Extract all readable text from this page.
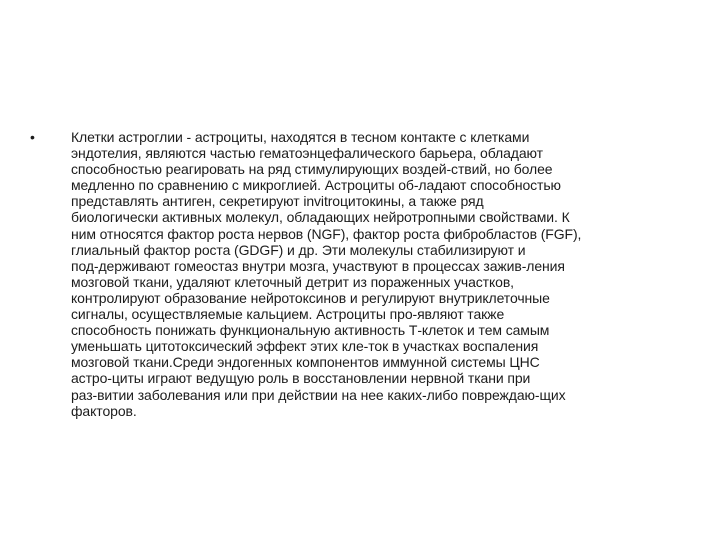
•	Клетки астроглии - астроциты, находятся в тесном контакте с клетками
эндотелия, являются частью гематоэнцефалического барьера, обладают
способностью реагировать на ряд стимулирующих воздей-ствий, но более
медленно по сравнению с микроглией. Астроциты об-ладают способностью
представлять антиген, секретируют invitroцитокины, а также ряд
биологически активных молекул, обладающих нейротропными свойствами. К
ним относятся фактор роста нервов (NGF), фактор роста фибробластов (FGF),
глиальный фактор роста (GDGF) и др. Эти молекулы стабилизируют и
под-держивают гомеостаз внутри мозга, участвуют в процессах зажив-ления
мозговой ткани, удаляют клеточный детрит из пораженных участков,
контролируют образование нейротоксинов и регулируют внутриклеточные
сигналы, осуществляемые кальцием. Астроциты про-являют также
способность понижать функциональную активность Т-клеток и тем самым
уменьшать цитотоксический эффект этих кле-ток в участках воспаления
мозговой ткани.Среди эндогенных компонентов иммунной системы ЦНС
астро-циты играют ведущую роль в восстановлении нервной ткани при
раз-витии заболевания или при действии на нее каких-либо повреждаю-щих
факторов.
